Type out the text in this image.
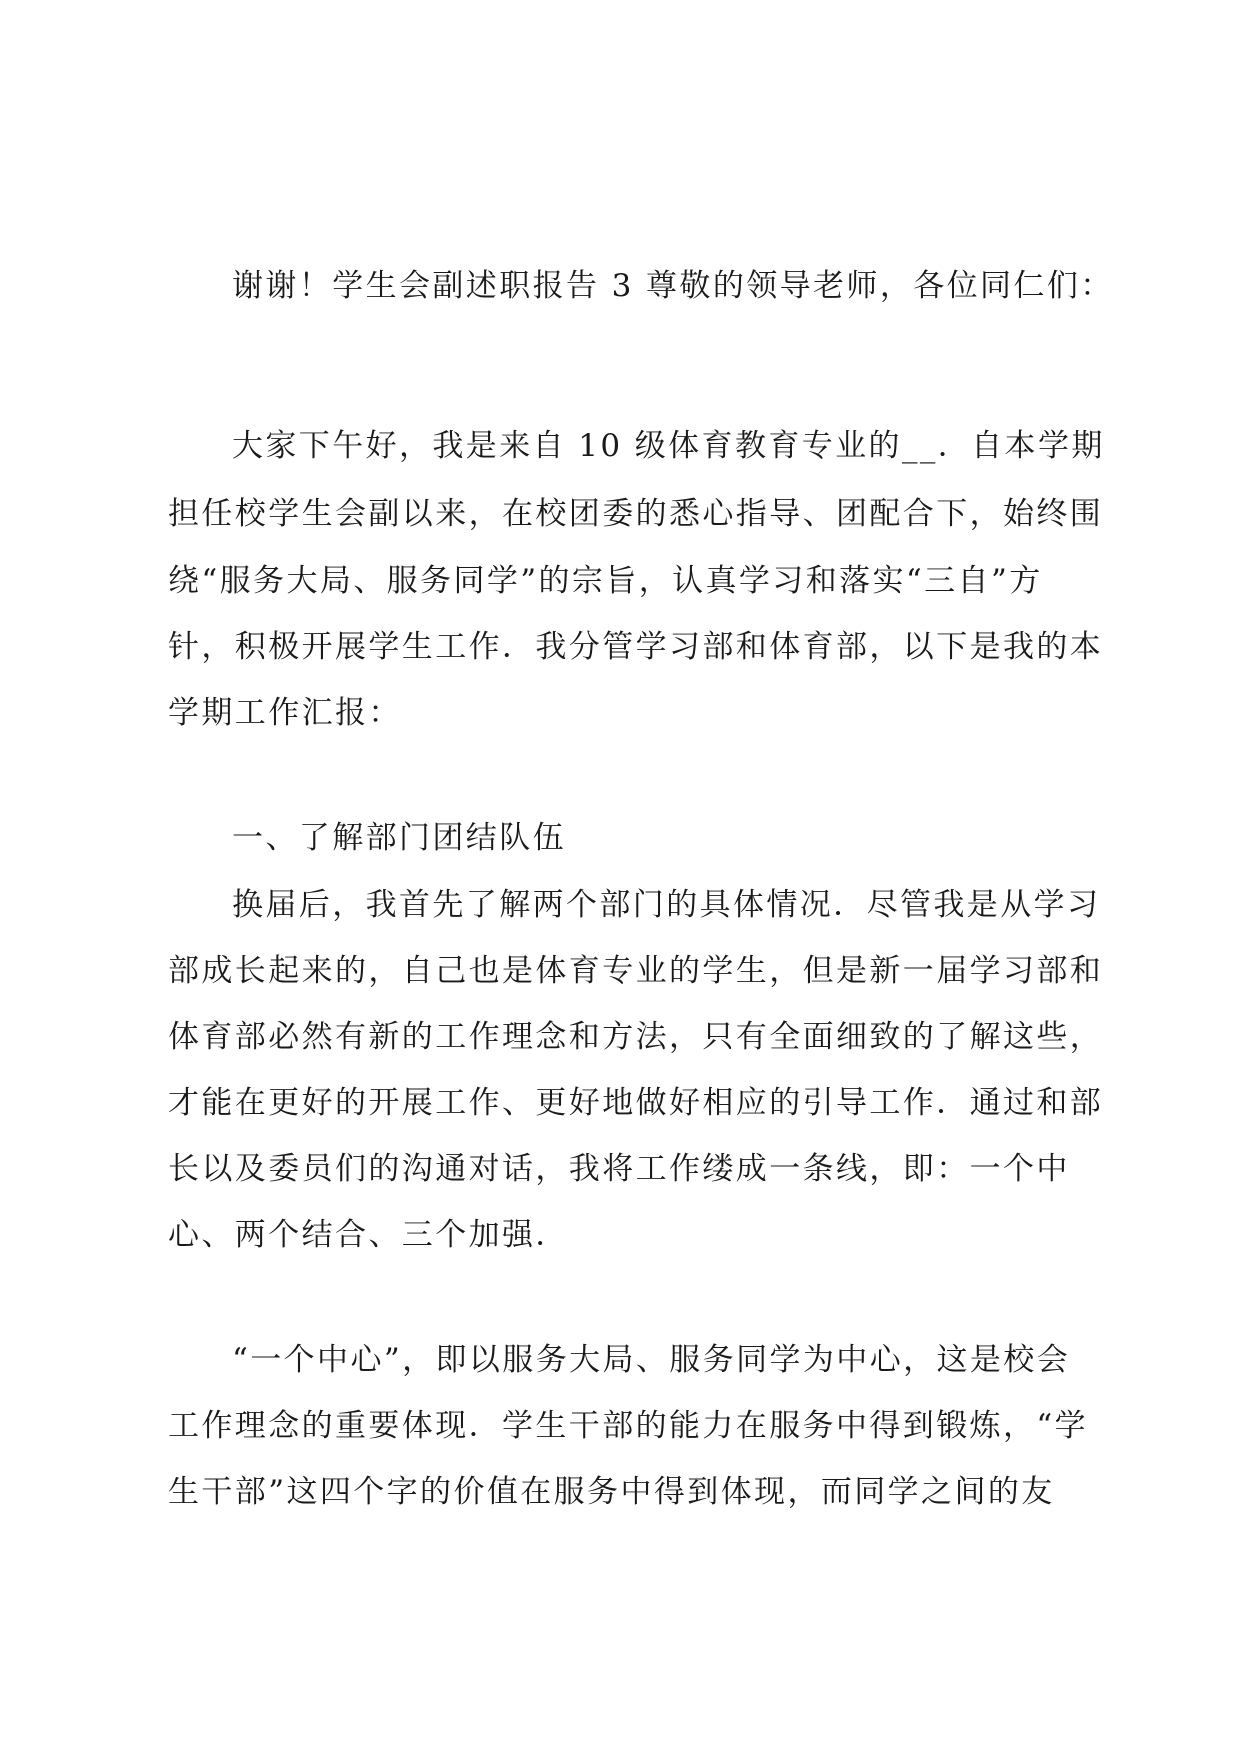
谢谢！学生会副述职报告 3 尊敬的领导老师，各位同仁们：
大家下午好，我是来自 10 级体育教育专业的__．自本学期
担任校学生会副以来，在校团委的悉心指导、团配合下，始终围
绕“服务大局、服务同学”的宗旨，认真学习和落实“三自”方
针，积极开展学生工作．我分管学习部和体育部，以下是我的本
学期工作汇报：
一、了解部门团结队伍
换届后，我首先了解两个部门的具体情况．尽管我是从学习
部成长起来的，自己也是体育专业的学生，但是新一届学习部和
体育部必然有新的工作理念和方法，只有全面细致的了解这些，
才能在更好的开展工作、更好地做好相应的引导工作．通过和部
长以及委员们的沟通对话，我将工作缕成一条线，即：一个中
心、两个结合、三个加强．
“一个中心”，即以服务大局、服务同学为中心，这是校会
工作理念的重要体现．学生干部的能力在服务中得到锻炼，“学
生干部”这四个字的价值在服务中得到体现，而同学之间的友
